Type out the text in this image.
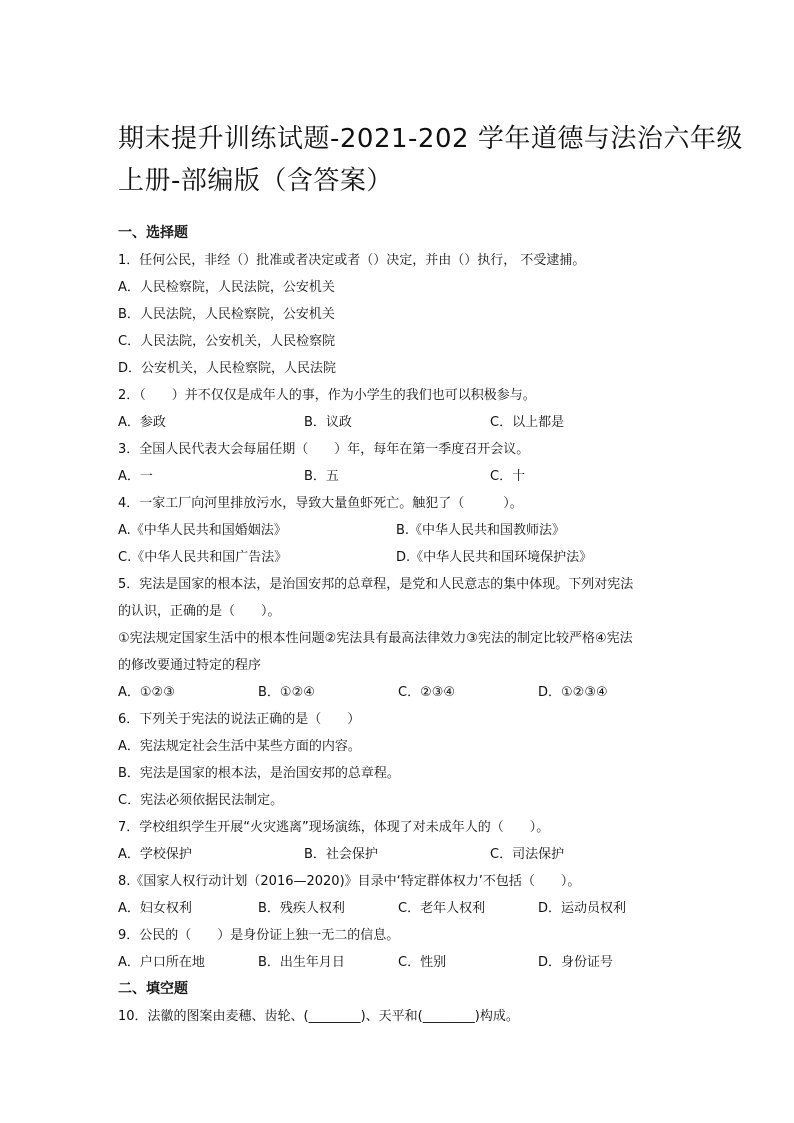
期末提升训练试题-2021-202 学年道德与法治六年级
上册-部编版（含答案）
一、选择题
1．任何公民，非经（）批准或者决定或者（）决定，并由（）执行， 不受逮捕。
A．人民检察院，人民法院，公安机关
B．人民法院，人民检察院，公安机关
C．人民法院，公安机关，人民检察院
D．公安机关，人民检察院，人民法院
2．（　　）并不仅仅是成年人的事，作为小学生的我们也可以积极参与。
A．参政	B．议政	C．以上都是
3．全国人民代表大会每届任期（　　）年，每年在第一季度召开会议。
A．一	B．五	C．十
4．一家工厂向河里排放污水，导致大量鱼虾死亡。触犯了（　　　）。
A.《中华人民共和国婚姻法》	B.《中华人民共和国教师法》
C.《中华人民共和国广告法》	D.《中华人民共和国环境保护法》
5．宪法是国家的根本法，是治国安邦的总章程，是党和人民意志的集中体现。下列对宪法
的认识，正确的是（　　）。
①宪法规定国家生活中的根本性问题②宪法具有最高法律效力③宪法的制定比较严格④宪法
的修改要通过特定的程序
A．①②③	B．①②④	C．②③④	D．①②③④
6．下列关于宪法的说法正确的是（　　）
A．宪法规定社会生活中某些方面的内容。
B．宪法是国家的根本法，是治国安邦的总章程。
C．宪法必须依据民法制定。
7．学校组织学生开展“火灾逃离”现场演练，体现了对未成年人的（　　）。
A．学校保护	B．社会保护	C．司法保护
8.《国家人权行动计划（2016—2020)》目录中‘特定群体权力’不包括（　　）。
A．妇女权利	B．残疾人权利	C．老年人权利	D．运动员权利
9．公民的（　　）是身份证上独一无二的信息。
A．户口所在地	B．出生年月日	C．性别	D．身份证号
二、填空题
10．法徽的图案由麦穗、齿轮、(________)、天平和(________)构成。
